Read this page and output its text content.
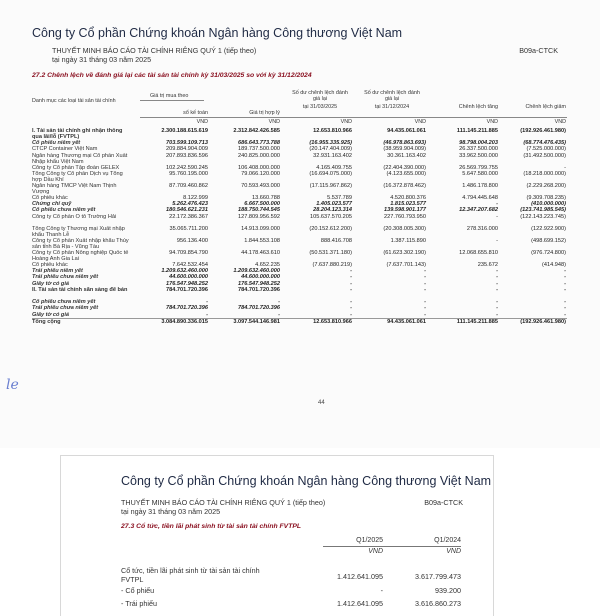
Công ty Cổ phần Chứng khoán Ngân hàng Công thương Việt Nam
THUYẾT MINH BÁO CÁO TÀI CHÍNH RIÊNG QUÝ 1 (tiếp theo)
tại ngày 31 tháng 03 năm 2025
B09a-CTCK
27.2 Chênh lệch về đánh giá lại các tài sản tài chính kỳ 31/03/2025 so với kỳ 31/12/2024
Danh mục các loại tài sản tài chính
Giá trị mua theo
sổ kế toán	Giá trị hợp lý
Số dư chênh lệch đánh giá lại
tại 31/03/2025
Số dư chênh lệch đánh giá lại
tại 31/12/2024	Chênh lệch tăng	Chênh lệch giảm
VND	VND	VND	VND	VND	VND
I. Tài sản tài chính ghi nhận thông qua lãi/lỗ (FVTPL)
2.300.188.615.619	2.312.842.426.585	12.653.810.966	94.435.061.061	111.145.211.885	(192.926.461.980)
Cổ phiếu niêm yết	703.599.109.713	686.643.773.788	(16.955.335.925)	(46.978.863.693)	98.798.004.203	(68.774.476.435)
CTCP Container Việt Nam	209.884.904.009	189.737.500.000	(20.147.404.009)	(38.959.904.009)	26.337.500.000	(7.525.000.000)
Ngân hàng Thương mại Cổ phần Xuất Nhập khẩu Việt Nam
207.893.836.596	240.825.000.000	32.931.163.402	30.361.163.402	33.962.500.000	(31.492.500.000)
Công ty Cổ phần Tập đoàn GELEX	102.242.590.245	106.408.000.000	4.165.409.755	(22.404.390.000)	26.569.799.755	-
Tổng Công ty Cổ phần Dịch vụ Tổng hợp Dầu Khí
95.760.195.000	79.066.120.000	(16.694.075.000)	(4.123.655.000)	5.647.580.000	(18.218.000.000)
Ngân hàng TMCP Việt Nam Thịnh Vượng
87.709.460.862	70.593.493.000	(17.115.967.862)	(16.372.878.462)	1.486.178.800	(2.229.268.200)
Cổ phiếu khác	8.122.999	13.660.788	5.537.789	4.520.800.376	4.794.445.648	(9.309.708.235)
Chứng chỉ quỹ	5.262.476.423	6.667.500.000	1.405.023.577	1.815.023.577	-	(410.000.000)
Cổ phiếu chưa niêm yết	180.546.621.231	188.750.744.545	28.204.123.314	139.598.901.177	12.347.207.682	(123.741.985.545)
Công ty Cổ phần Ô tô Trường Hải	22.172.386.367	127.809.956.592	105.637.570.205	227.760.793.950	-	(122.143.223.745)
Tổng Công ty Thương mại Xuất nhập khẩu Thanh Lễ
35.065.711.200	14.913.099.000	(20.152.612.200)	(20.308.005.300)	278.316.000	(122.922.900)
Công ty Cổ phần Xuất nhập khẩu Thủy sản tỉnh Bà Rịa - Vũng Tàu
956.136.400	1.844.553.108	888.416.708	1.387.115.890	-	(498.699.152)
Công ty Cổ phần Nông nghiệp Quốc tế Hoàng Anh Gia Lai
94.709.854.790	44.178.463.610	(50.531.371.180)	(61.623.302.190)	12.068.655.810	(976.724.800)
Cổ phiếu khác	7.642.532.454	4.652.235	(7.637.880.219)	(7.637.701.143)	235.672	(414.948)
Trái phiếu niêm yết	1.209.632.460.000	1.209.632.460.000	-	-	-	-
Trái phiếu chưa niêm yết	44.600.000.000	44.600.000.000	-	-	-	-
Giấy tờ có giá	176.547.948.252	176.547.948.252	-	-	-	-
II. Tài sản tài chính sẵn sàng để bán	784.701.720.396	784.701.720.396	-	-	-	-
Cổ phiếu chưa niêm yết	-	-	-	-	-	-
Trái phiếu chưa niêm yết	784.701.720.396	784.701.720.396	-	-	-	-
Giấy tờ có giá	-	-	-	-	-	-
Tổng cộng	3.084.890.336.015	3.097.544.146.981	12.653.810.966	94.435.061.061	111.145.211.885	(192.926.461.980)
44
le
Công ty Cổ phần Chứng khoán Ngân hàng Công thương Việt Nam
THUYẾT MINH BÁO CÁO TÀI CHÍNH RIÊNG QUÝ 1 (tiếp theo)
tại ngày 31 tháng 03 năm 2025
B09a-CTCK
27.3 Cổ tức, tiền lãi phát sinh từ tài sản tài chính FVTPL
Q1/2025	Q1/2024
VND	VND
Cổ tức, tiền lãi phát sinh từ tài sản tài chính
FVTPL	1.412.641.095	3.617.799.473
- Cổ phiếu	-	939.200
- Trái phiếu	1.412.641.095	3.616.860.273
